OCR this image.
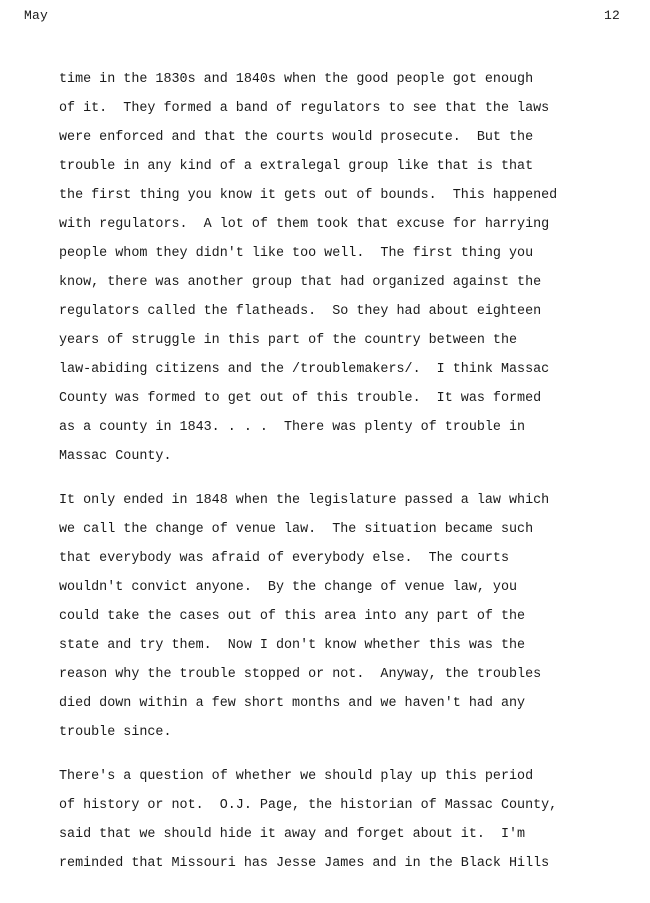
May	12
time in the 1830s and 1840s when the good people got enough
of it.  They formed a band of regulators to see that the laws
were enforced and that the courts would prosecute.  But the
trouble in any kind of a extralegal group like that is that
the first thing you know it gets out of bounds.  This happened
with regulators.  A lot of them took that excuse for harrying
people whom they didn't like too well.  The first thing you
know, there was another group that had organized against the
regulators called the flatheads.  So they had about eighteen
years of struggle in this part of the country between the
law-abiding citizens and the /troublemakers/.  I think Massac
County was formed to get out of this trouble.  It was formed
as a county in 1843. . . .  There was plenty of trouble in
Massac County.
It only ended in 1848 when the legislature passed a law which
we call the change of venue law.  The situation became such
that everybody was afraid of everybody else.  The courts
wouldn't convict anyone.  By the change of venue law, you
could take the cases out of this area into any part of the
state and try them.  Now I don't know whether this was the
reason why the trouble stopped or not.  Anyway, the troubles
died down within a few short months and we haven't had any
trouble since.
There's a question of whether we should play up this period
of history or not.  O.J. Page, the historian of Massac County,
said that we should hide it away and forget about it.  I'm
reminded that Missouri has Jesse James and in the Black Hills
